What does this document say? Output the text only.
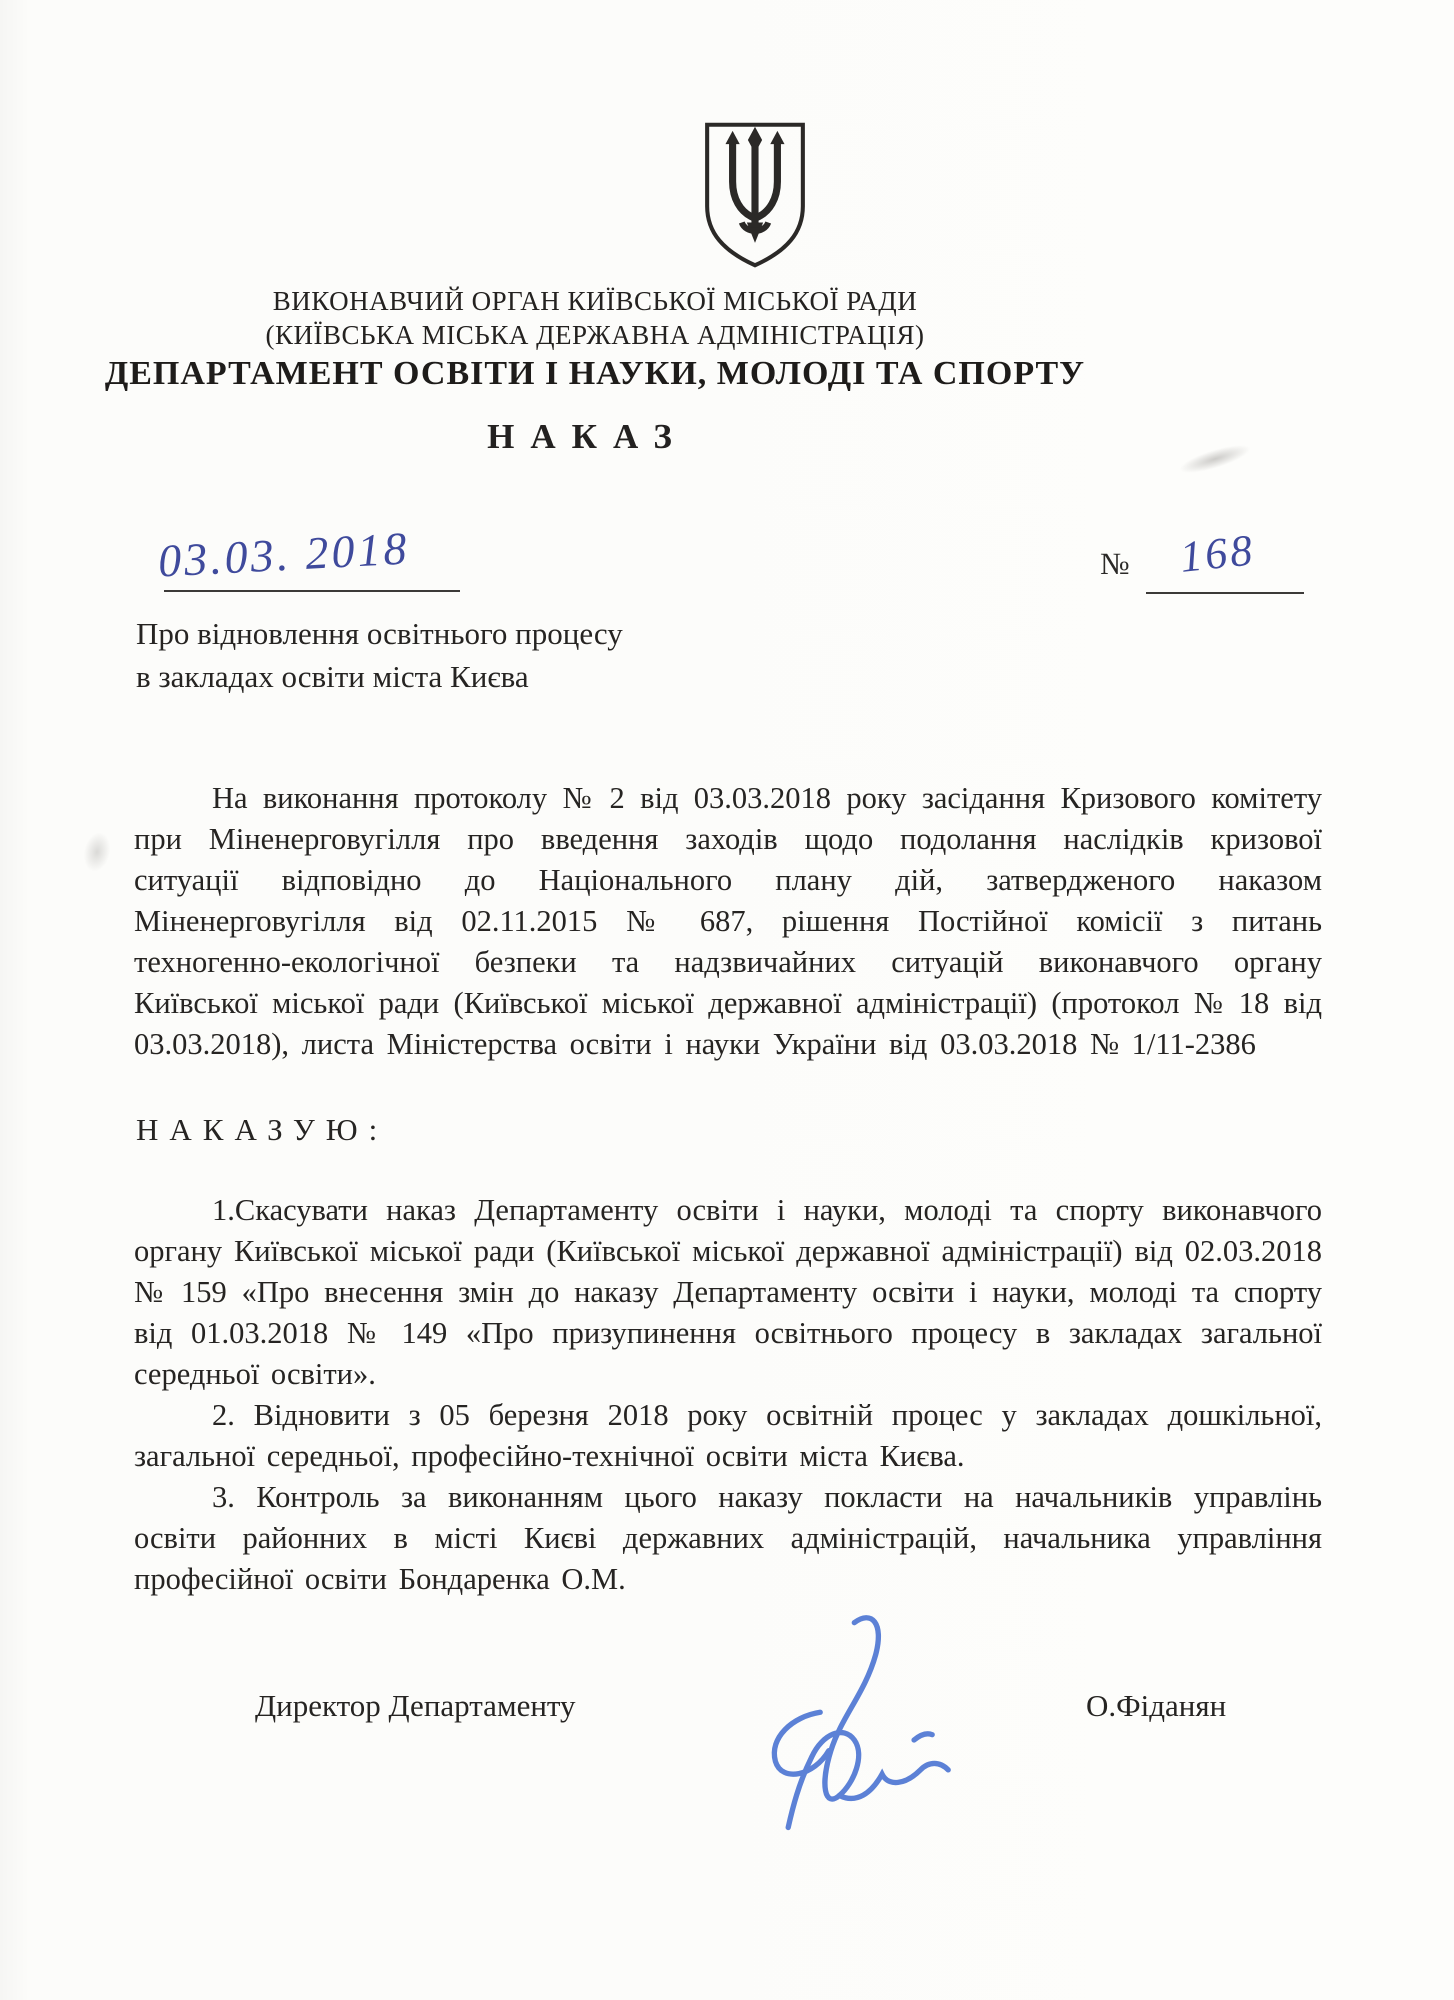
ВИКОНАВЧИЙ ОРГАН КИЇВСЬКОЇ МІСЬКОЇ РАДИ
(КИЇВСЬКА МІСЬКА ДЕРЖАВНА АДМІНІСТРАЦІЯ)
ДЕПАРТАМЕНТ ОСВІТИ І НАУКИ, МОЛОДІ ТА СПОРТУ
НАКАЗ
03.03. 2018	№ 168
Про відновлення освітнього процесу
в закладах освіти міста Києва

На виконання протоколу № 2 від 03.03.2018 року засідання Кризового комітету при Міненерговугілля про введення заходів щодо подолання наслідків кризової ситуації відповідно до Національного плану дій, затвердженого наказом Міненерговугілля від 02.11.2015 № 687, рішення Постійної комісії з питань техногенно-екологічної безпеки та надзвичайних ситуацій виконавчого органу Київської міської ради (Київської міської державної адміністрації) (протокол № 18 від 03.03.2018), листа Міністерства освіти і науки України від 03.03.2018 № 1/11-2386

НАКАЗУЮ:

1.Скасувати наказ Департаменту освіти і науки, молоді та спорту виконавчого органу Київської міської ради (Київської міської державної адміністрації) від 02.03.2018 № 159 «Про внесення змін до наказу Департаменту освіти і науки, молоді та спорту від 01.03.2018 № 149 «Про призупинення освітнього процесу в закладах загальної середньої освіти».

2. Відновити з 05 березня 2018 року освітній процес у закладах дошкільної, загальної середньої, професійно-технічної освіти міста Києва.

3. Контроль за виконанням цього наказу покласти на начальників управлінь освіти районних в місті Києві державних адміністрацій, начальника управління професійної освіти Бондаренка О.М.

Директор Департаменту	О.Фіданян
